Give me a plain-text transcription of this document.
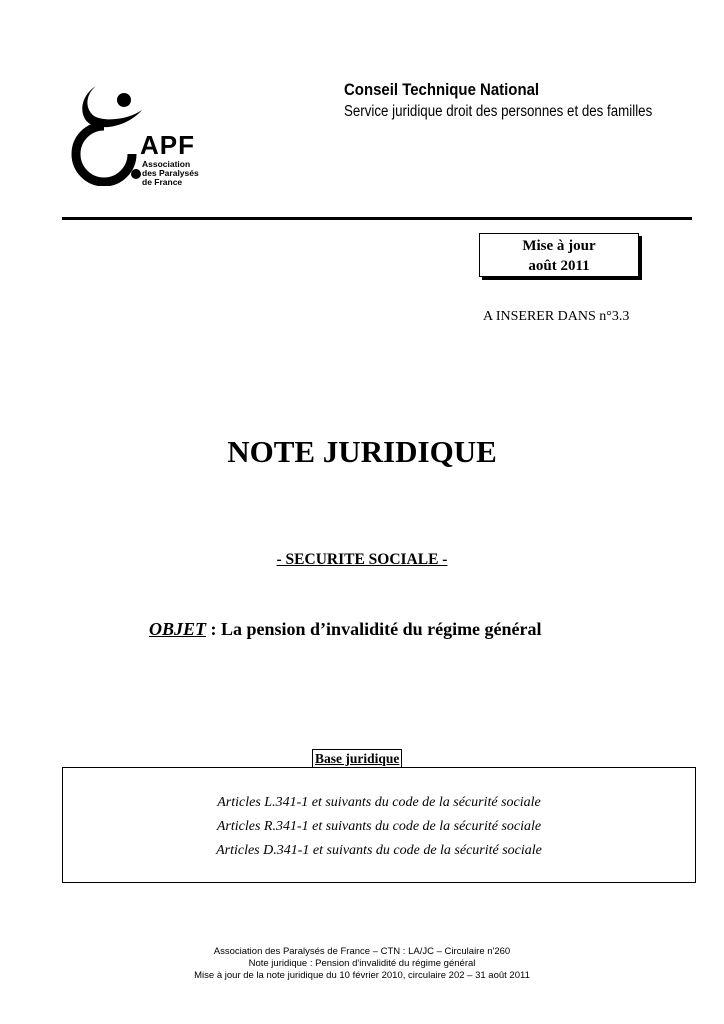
APF
Association
des Paralysés
de France
Conseil Technique National
Service juridique droit des personnes et des familles
Mise à jour
août 2011
A INSERER DANS n°3.3
NOTE JURIDIQUE
- SECURITE SOCIALE -
OBJET : La pension d’invalidité du régime général
Articles L.341-1 et suivants du code de la sécurité sociale
Articles R.341-1 et suivants du code de la sécurité sociale
Articles D.341-1 et suivants du code de la sécurité sociale
Base juridique
Association des Paralysés de France – CTN : LA/JC – Circulaire n'260
Note juridique : Pension d'invalidité du régime général
Mise à jour de la note juridique du 10 février 2010, circulaire 202 – 31 août 2011
